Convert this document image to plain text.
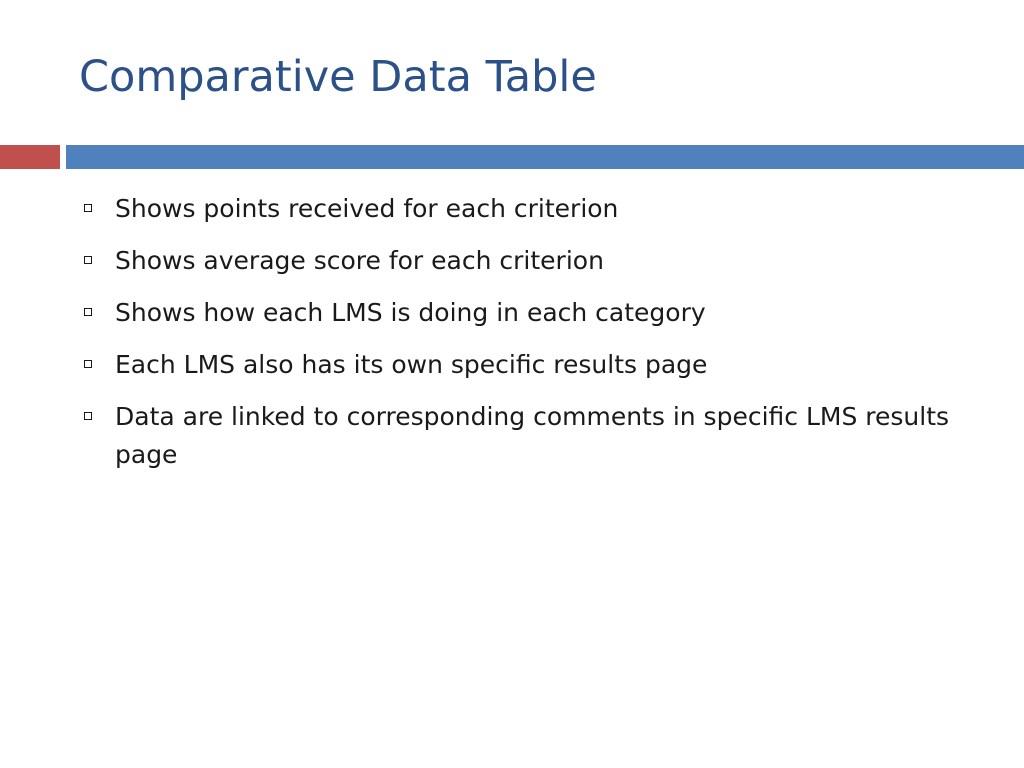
Comparative Data Table
Shows points received for each criterion
Shows average score for each criterion
Shows how each LMS is doing in each category
Each LMS also has its own specific results page
Data are linked to corresponding comments in specific LMS results page
